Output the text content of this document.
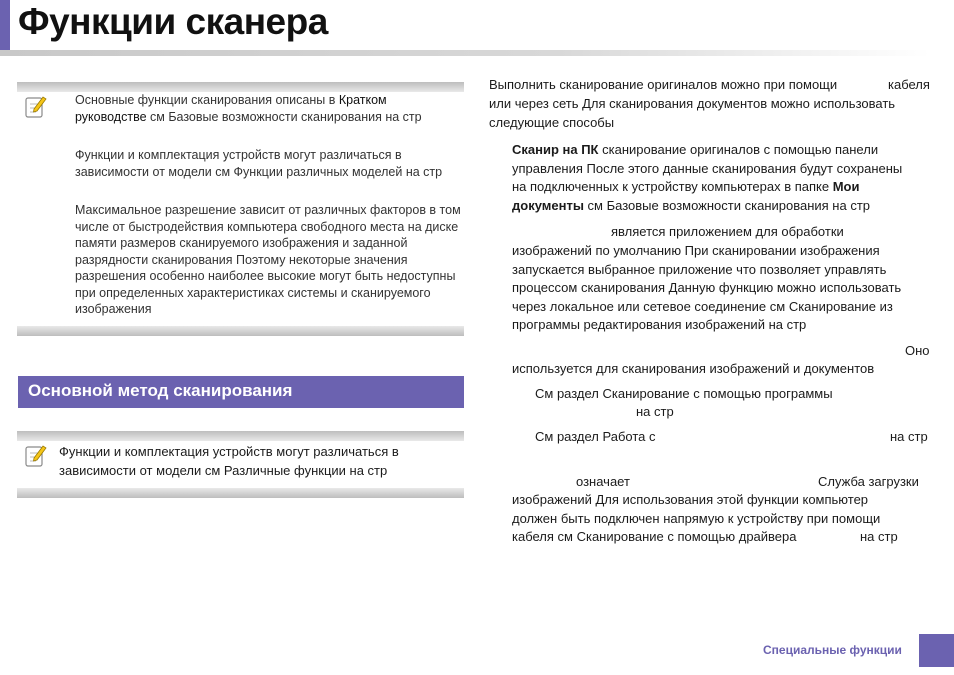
Функции сканера
Основные функции сканирования описаны в Кратком руководстве см Базовые возможности сканирования на стр
Функции и комплектация устройств могут различаться в зависимости от модели см Функции различных моделей на стр
Максимальное разрешение зависит от различных факторов в том числе от быстродействия компьютера свободного места на диске памяти размеров сканируемого изображения и заданной разрядности сканирования Поэтому некоторые значения разрешения особенно наиболее высокие могут быть недоступны при определенных характеристиках системы и сканируемого изображения
Основной метод сканирования
Функции и комплектация устройств могут различаться в зависимости от модели см Различные функции на стр
Выполнить сканирование оригиналов можно при помощи	кабеля
или через сеть Для сканирования документов можно использовать
следующие способы
Сканир на ПК сканирование оригиналов с помощью панели
управления После этого данные сканирования будут сохранены
на подключенных к устройству компьютерах в папке Мои
документы см Базовые возможности сканирования на стр
является приложением для обработки
изображений по умолчанию При сканировании изображения
запускается выбранное приложение что позволяет управлять
процессом сканирования Данную функцию можно использовать
через локальное или сетевое соединение см Сканирование из
программы редактирования изображений на стр
Оно
используется для сканирования изображений и документов
См раздел Сканирование с помощью программы
на стр
См раздел Работа с	на стр
означает	Служба загрузки
изображений Для использования этой функции компьютер
должен быть подключен напрямую к устройству при помощи
кабеля см Сканирование с помощью драйвера	на стр
Специальные функции
